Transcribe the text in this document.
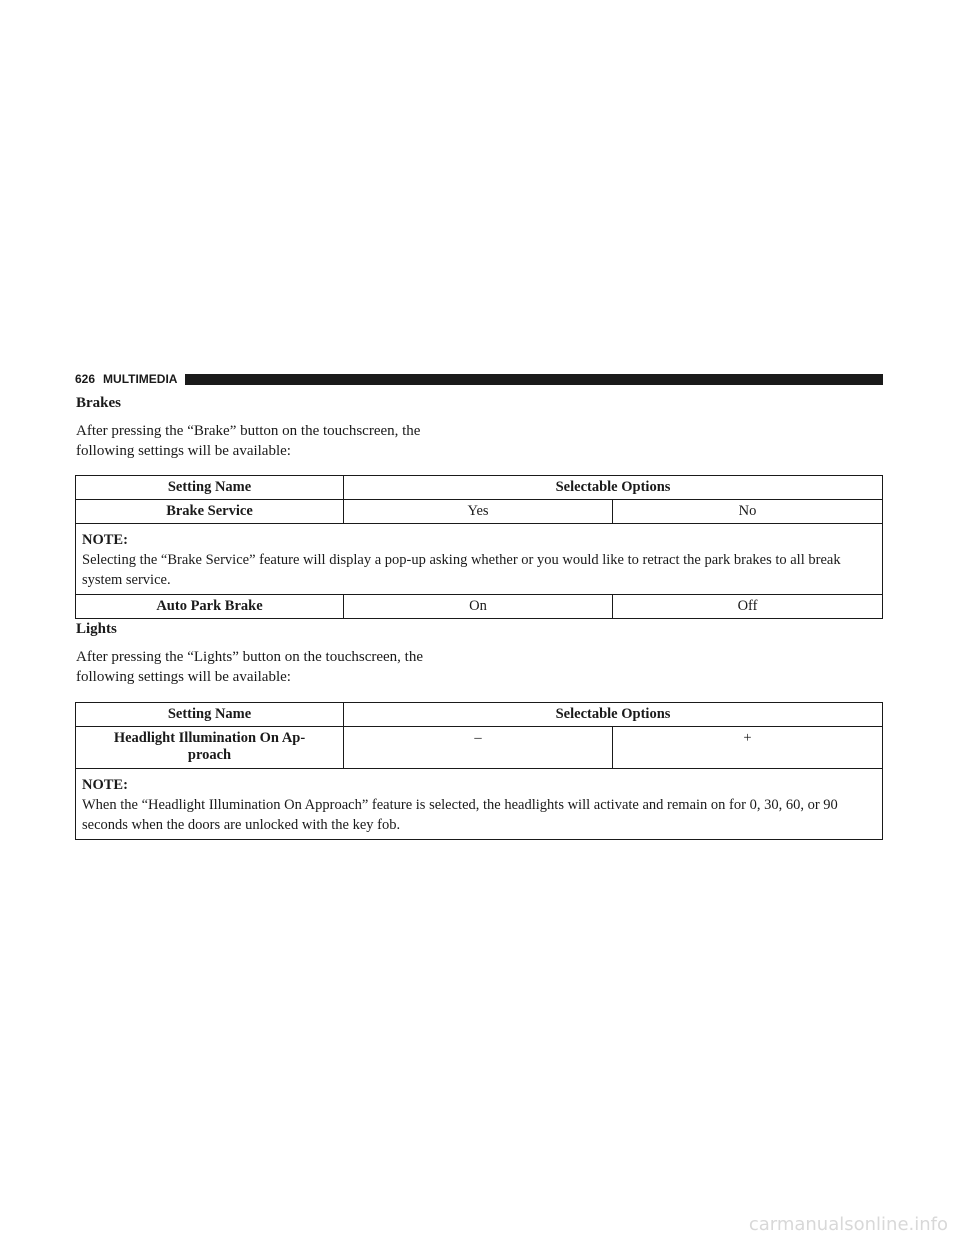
626 MULTIMEDIA
Brakes
After pressing the “Brake” button on the touchscreen, the
following settings will be available:
Setting Name	Selectable Options	
Brake Service	Yes	No

NOTE:
Selecting the “Brake Service” feature will display a pop-up asking whether or you would like to retract the park brakes to all break system service.		
Auto Park Brake	On	Off
Lights
After pressing the “Lights” button on the touchscreen, the
following settings will be available:
Setting Name	Selectable Options	
Headlight Illumination On Ap-proach	–	+

NOTE:
When the “Headlight Illumination On Approach” feature is selected, the headlights will activate and remain on for 0, 30, 60, or 90 seconds when the doors are unlocked with the key fob.		
carmanualsonline.info
